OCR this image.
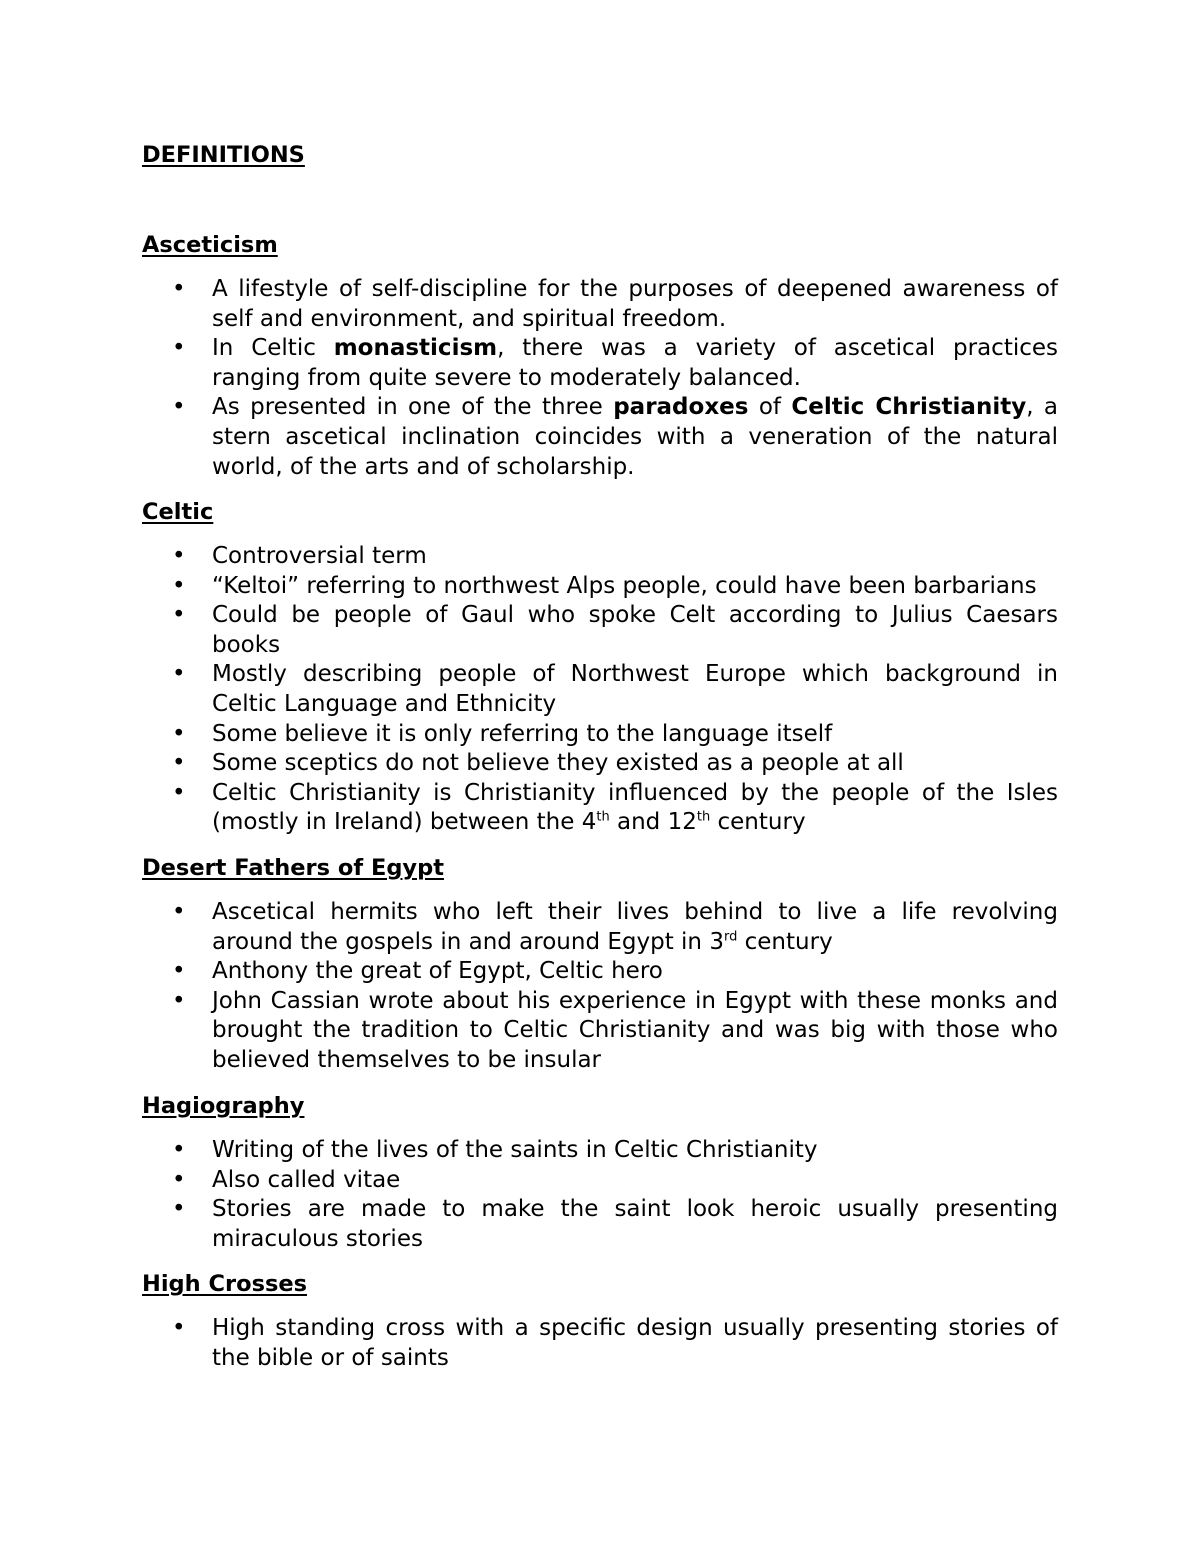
DEFINITIONS
Asceticism
• A lifestyle of self-discipline for the purposes of deepened awareness of self and environment, and spiritual freedom.
• In Celtic monasticism, there was a variety of ascetical practices ranging from quite severe to moderately balanced.
• As presented in one of the three paradoxes of Celtic Christianity, a stern ascetical inclination coincides with a veneration of the natural world, of the arts and of scholarship.
Celtic
• Controversial term
• “Keltoi” referring to northwest Alps people, could have been barbarians
• Could be people of Gaul who spoke Celt according to Julius Caesars books
• Mostly describing people of Northwest Europe which background in Celtic Language and Ethnicity
• Some believe it is only referring to the language itself
• Some sceptics do not believe they existed as a people at all
• Celtic Christianity is Christianity influenced by the people of the Isles (mostly in Ireland) between the 4th and 12th century
Desert Fathers of Egypt
• Ascetical hermits who left their lives behind to live a life revolving around the gospels in and around Egypt in 3rd century
• Anthony the great of Egypt, Celtic hero
• John Cassian wrote about his experience in Egypt with these monks and brought the tradition to Celtic Christianity and was big with those who believed themselves to be insular
Hagiography
• Writing of the lives of the saints in Celtic Christianity
• Also called vitae
• Stories are made to make the saint look heroic usually presenting miraculous stories
High Crosses
• High standing cross with a specific design usually presenting stories of the bible or of saints
